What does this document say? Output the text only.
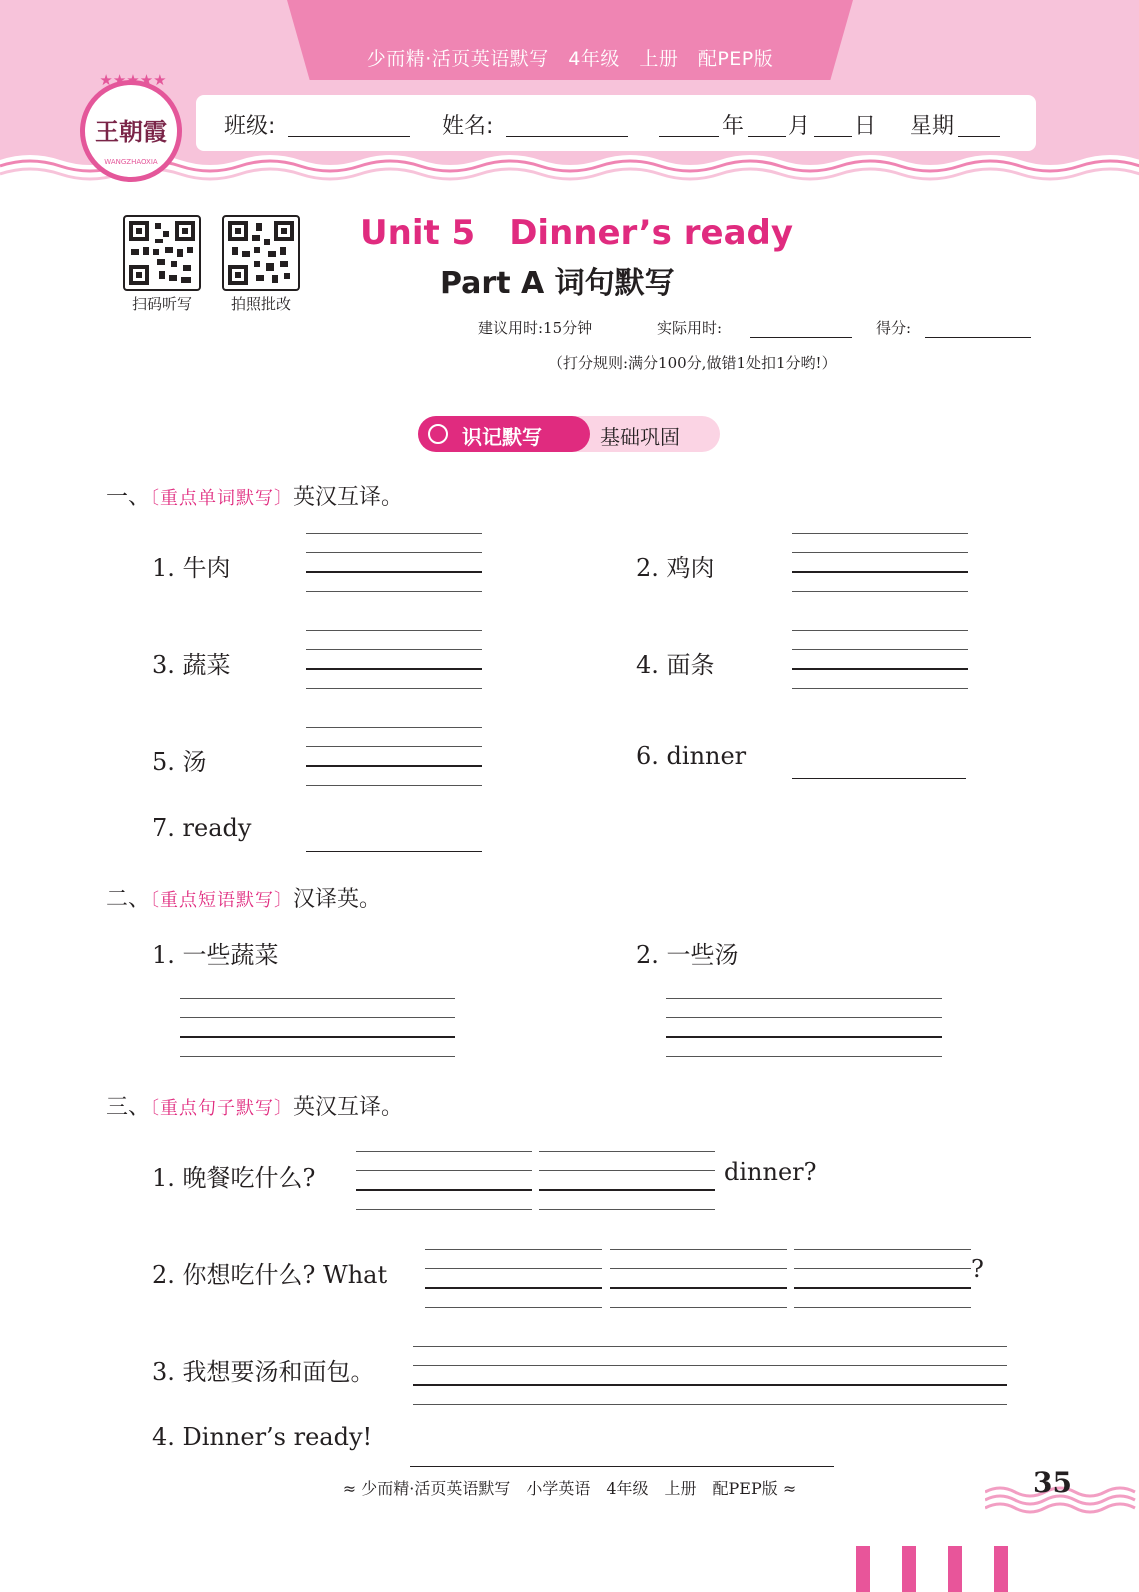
少而精·活页英语默写　4年级　上册　配PEP版
★★★★★
王朝霞
WANGZHAOXIA
班级:	姓名:	年 月 日 星期
扫码听写	拍照批改
Unit 5　Dinner’s ready
Part A 词句默写
建议用时:15分钟	实际用时:	得分:
（打分规则:满分100分,做错1处扣1分哟!）
识记默写	基础巩固
一、〔重点单词默写〕英汉互译。
1. 牛肉	2. 鸡肉
3. 蔬菜	4. 面条
5. 汤	6. dinner
7. ready
二、〔重点短语默写〕汉译英。
1. 一些蔬菜	2. 一些汤
三、〔重点句子默写〕英汉互译。
1. 晚餐吃什么?	dinner?
2. 你想吃什么? What	?
3. 我想要汤和面包。
4. Dinner’s ready!
≈ 少而精·活页英语默写　小学英语　4年级　上册　配PEP版 ≈	35
